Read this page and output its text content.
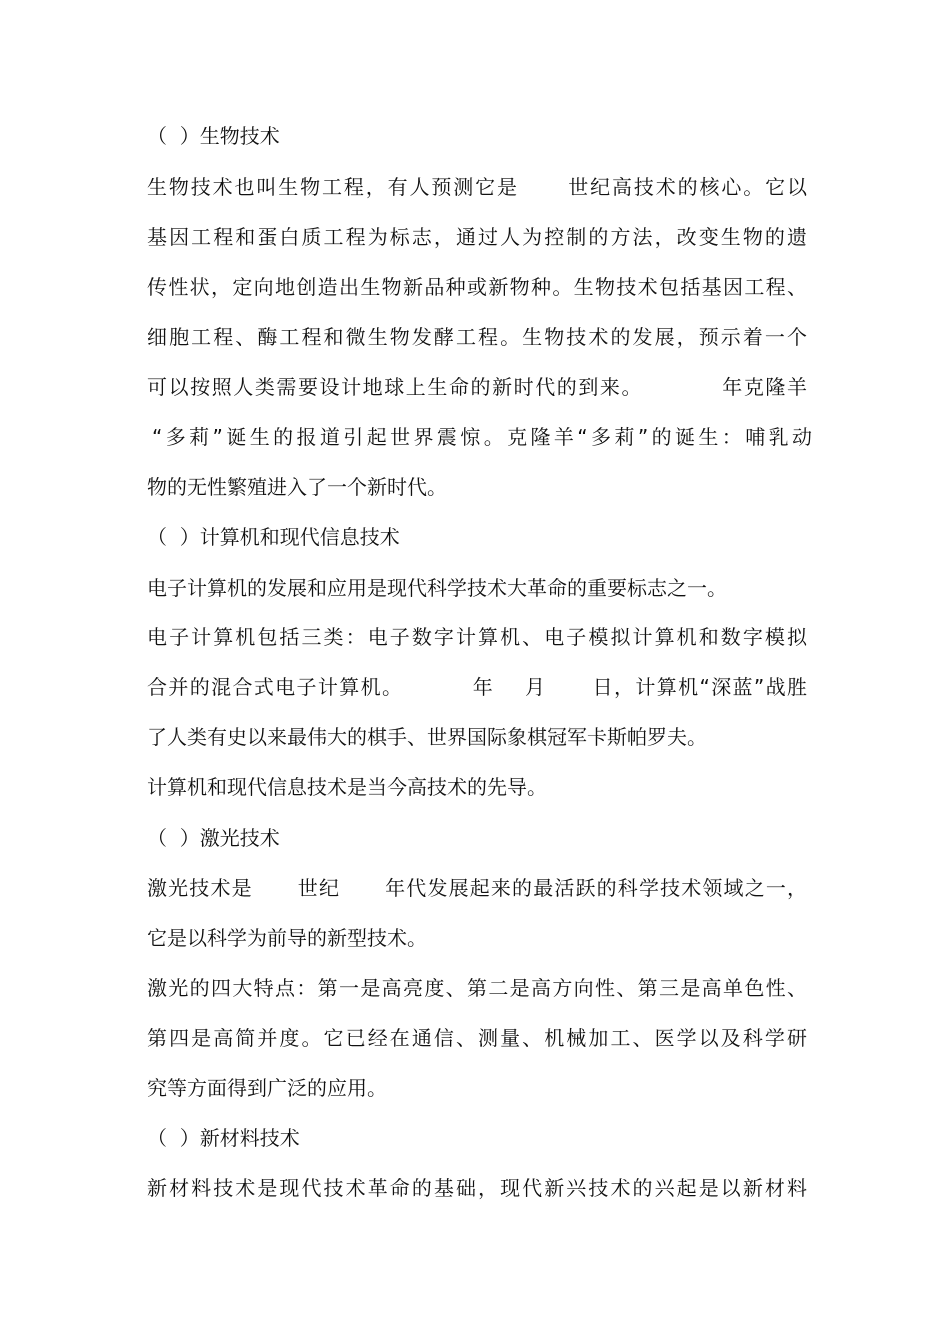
（  ）生物技术
生物技术也叫生物工程，有人预测它是      世纪高技术的核心。它以
基因工程和蛋白质工程为标志，通过人为控制的方法，改变生物的遗
传性状，定向地创造出生物新品种或新物种。生物技术包括基因工程、
细胞工程、酶工程和微生物发酵工程。生物技术的发展，预示着一个
可以按照人类需要设计地球上生命的新时代的到来。          年克隆羊
“多莉”诞生的报道引起世界震惊。克隆羊“多莉”的诞生：哺乳动
物的无性繁殖进入了一个新时代。
（  ）计算机和现代信息技术
电子计算机的发展和应用是现代科学技术大革命的重要标志之一。
电子计算机包括三类：电子数字计算机、电子模拟计算机和数字模拟
合并的混合式电子计算机。         年    月      日，计算机“深蓝”战胜
了人类有史以来最伟大的棋手、世界国际象棋冠军卡斯帕罗夫。
计算机和现代信息技术是当今高技术的先导。
（  ）激光技术
激光技术是      世纪      年代发展起来的最活跃的科学技术领域之一，
它是以科学为前导的新型技术。
激光的四大特点：第一是高亮度、第二是高方向性、第三是高单色性、
第四是高简并度。它已经在通信、测量、机械加工、医学以及科学研
究等方面得到广泛的应用。
（  ）新材料技术
新材料技术是现代技术革命的基础，现代新兴技术的兴起是以新材料
